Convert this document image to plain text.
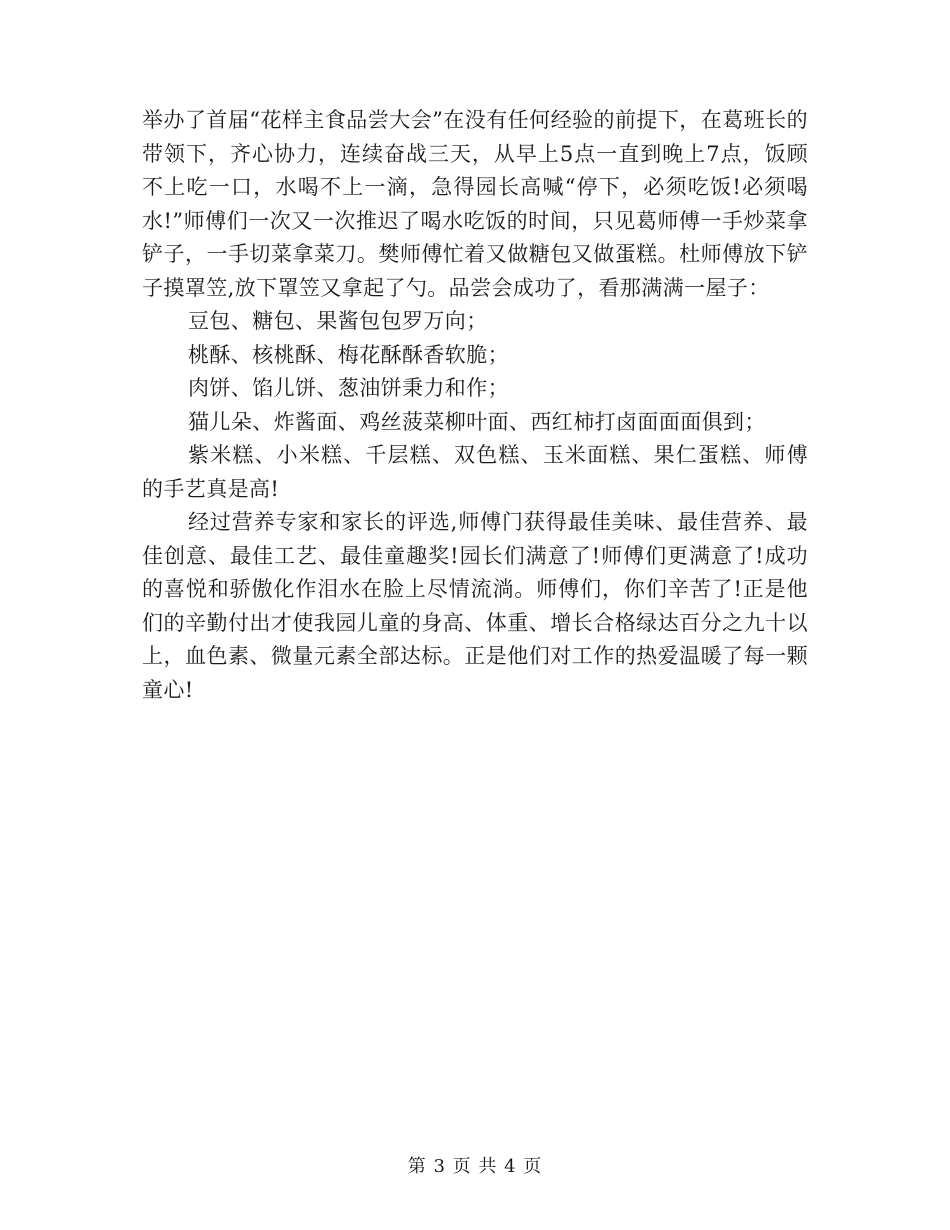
举办了首届“花样主食品尝大会”在没有任何经验的前提下，在葛班长的带领下，齐心协力，连续奋战三天，从早上5点一直到晚上7点，饭顾不上吃一口，水喝不上一滴，急得园长高喊“停下，必须吃饭!必须喝水!”师傅们一次又一次推迟了喝水吃饭的时间，只见葛师傅一手炒菜拿铲子，一手切菜拿菜刀。樊师傅忙着又做糖包又做蛋糕。杜师傅放下铲子摸罩笠,放下罩笠又拿起了勺。品尝会成功了，看那满满一屋子：

豆包、糖包、果酱包包罗万向；

桃酥、核桃酥、梅花酥酥香软脆；

肉饼、馅儿饼、葱油饼秉力和作；

猫儿朵、炸酱面、鸡丝菠菜柳叶面、西红柿打卤面面面俱到；

紫米糕、小米糕、千层糕、双色糕、玉米面糕、果仁蛋糕、师傅的手艺真是高!

经过营养专家和家长的评选,师傅门获得最佳美味、最佳营养、最佳创意、最佳工艺、最佳童趣奖!园长们满意了!师傅们更满意了!成功的喜悦和骄傲化作泪水在脸上尽情流淌。师傅们，你们辛苦了!正是他们的辛勤付出才使我园儿童的身高、体重、增长合格绿达百分之九十以上，血色素、微量元素全部达标。正是他们对工作的热爱温暖了每一颗童心!

第 3 页 共 4 页
